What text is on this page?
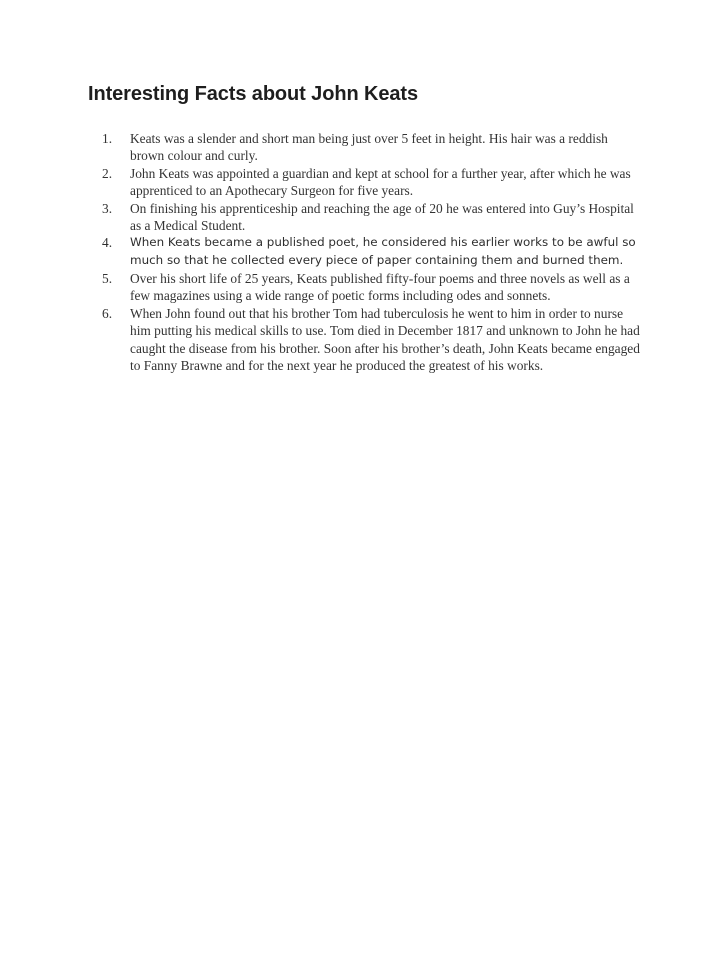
Interesting Facts about John Keats
1.	Keats was a slender and short man being just over 5 feet in height. His hair was a reddish brown colour and curly.
2.	John Keats was appointed a guardian and kept at school for a further year, after which he was apprenticed to an Apothecary Surgeon for five years.
3.	On finishing his apprenticeship and reaching the age of 20 he was entered into Guy’s Hospital as a Medical Student.
4.	When Keats became a published poet, he considered his earlier works to be awful so much so that he collected every piece of paper containing them and burned them.
5.	Over his short life of 25 years, Keats published fifty-four poems and three novels as well as a few magazines using a wide range of poetic forms including odes and sonnets.
6.	When John found out that his brother Tom had tuberculosis he went to him in order to nurse him putting his medical skills to use. Tom died in December 1817 and unknown to John he had caught the disease from his brother. Soon after his brother’s death, John Keats became engaged to Fanny Brawne and for the next year he produced the greatest of his works.
